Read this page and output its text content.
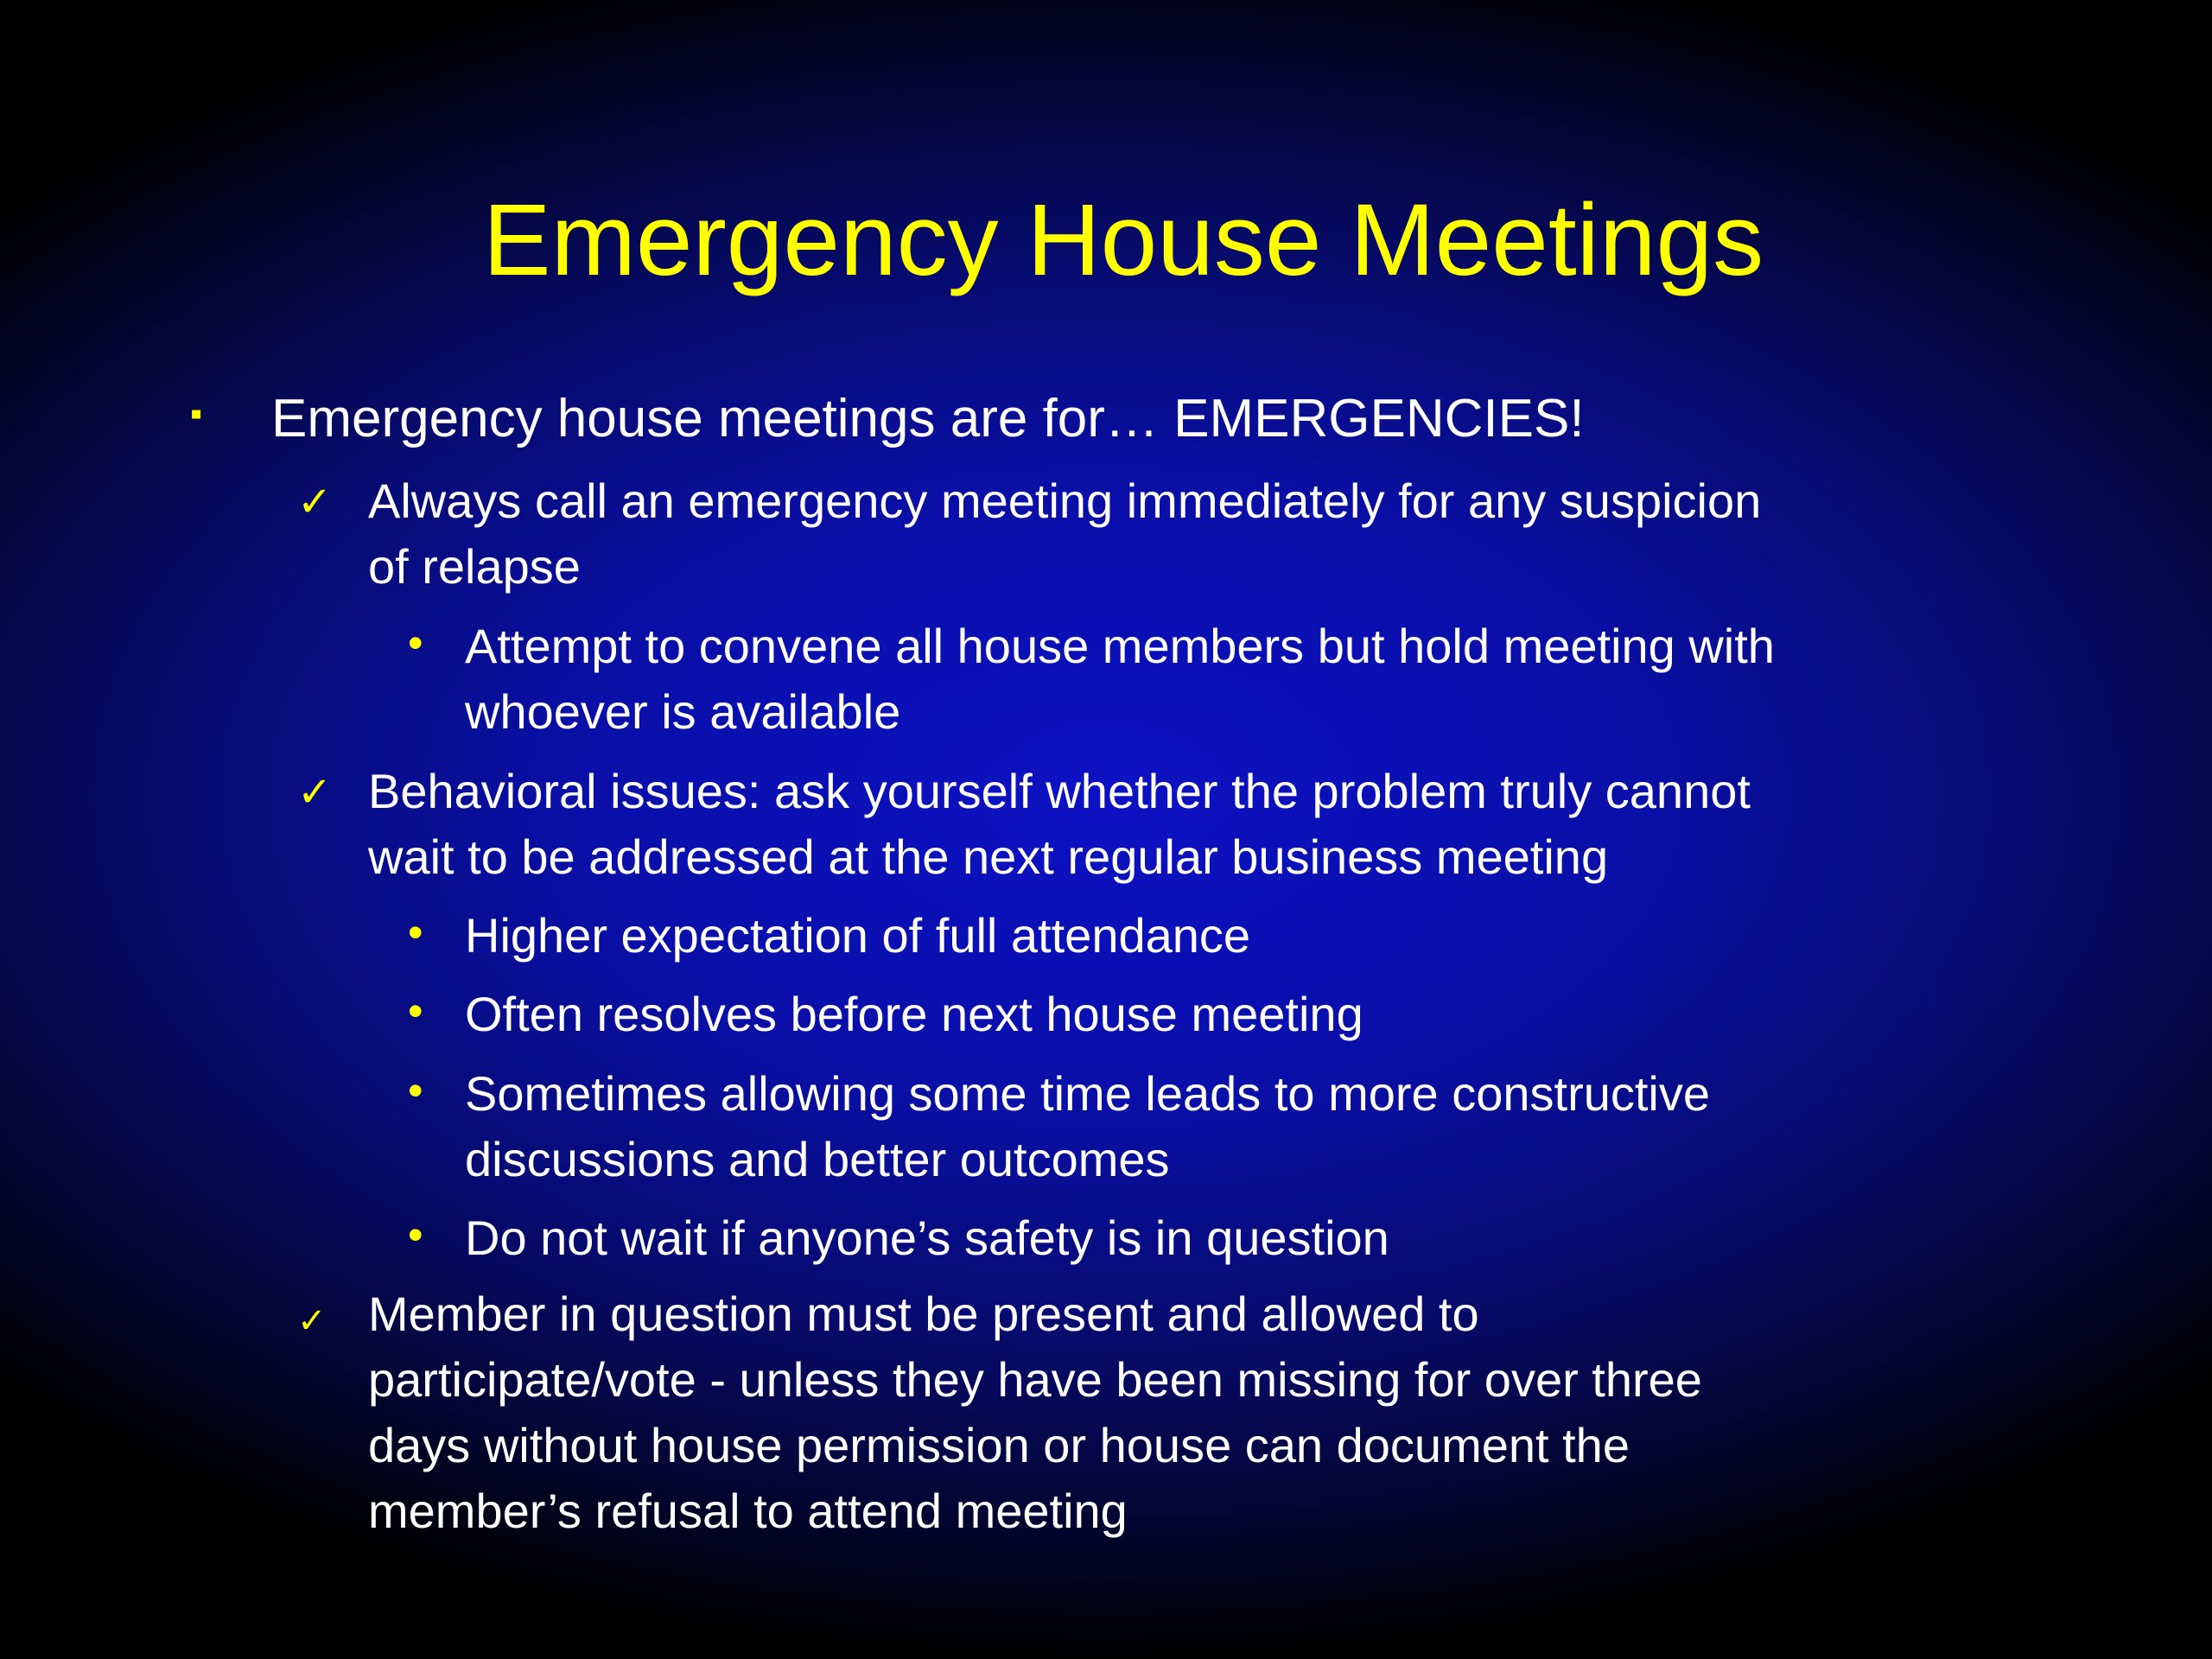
Emergency House Meetings
▪ Emergency house meetings are for… EMERGENCIES!
✓ Always call an emergency meeting immediately for any suspicion
of relapse
• Attempt to convene all house members but hold meeting with
whoever is available
✓ Behavioral issues: ask yourself whether the problem truly cannot
wait to be addressed at the next regular business meeting
• Higher expectation of full attendance
• Often resolves before next house meeting
• Sometimes allowing some time leads to more constructive
discussions and better outcomes
• Do not wait if anyone’s safety is in question
✓ Member in question must be present and allowed to
participate/vote - unless they have been missing for over three
days without house permission or house can document the
member’s refusal to attend meeting
